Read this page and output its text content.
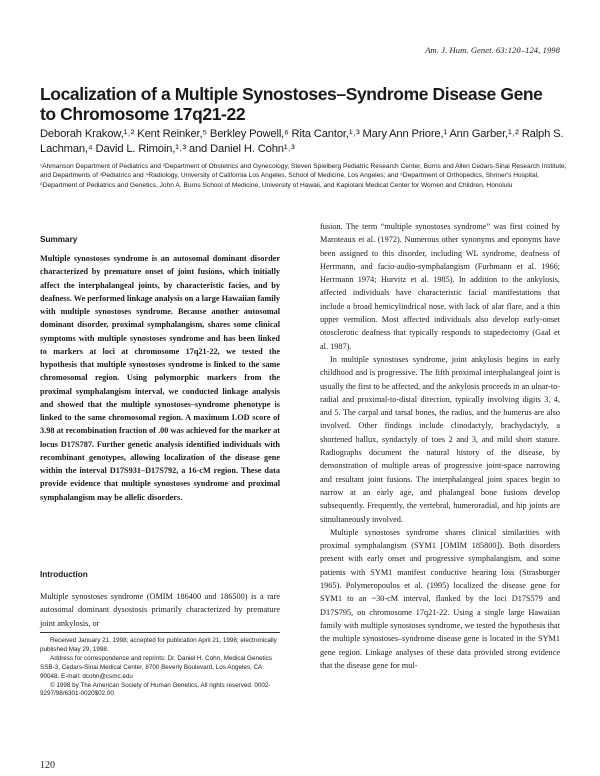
Am. J. Hum. Genet. 63:120–124, 1998
Localization of a Multiple Synostoses–Syndrome Disease Gene to Chromosome 17q21-22
Deborah Krakow,¹˒² Kent Reinker,⁵ Berkley Powell,⁶ Rita Cantor,¹˒³ Mary Ann Priore,¹ Ann Garber,¹˒² Ralph S. Lachman,⁴ David L. Rimoin,¹˒³ and Daniel H. Cohn¹˒³
¹Ahmanson Department of Pediatrics and ²Department of Obstetrics and Gynecology, Steven Spielberg Pediatric Research Center, Burns and Allen Cedars-Sinai Research Institute, and Departments of ³Pediatrics and ⁴Radiology, University of California Los Angeles, School of Medicine, Los Angeles; and ⁵Department of Orthopedics, Shriner's Hospital, ⁶Department of Pediatrics and Genetics, John A. Burns School of Medicine, University of Hawaii, and Kapiolani Medical Center for Women and Children, Honolulu
Summary

Multiple synostoses syndrome is an autosomal dominant disorder characterized by premature onset of joint fusions, which initially affect the interphalangeal joints, by characteristic facies, and by deafness. We performed linkage analysis on a large Hawaiian family with multiple synostoses syndrome. Because another autosomal dominant disorder, proximal symphalangism, shares some clinical symptoms with multiple synostoses syndrome and has been linked to markers at loci at chromosome 17q21-22, we tested the hypothesis that multiple synostoses syndrome is linked to the same chromosomal region. Using polymorphic markers from the proximal symphalangism interval, we conducted linkage analysis and showed that the multiple synostoses–syndrome phenotype is linked to the same chromosomal region. A maximum LOD score of 3.98 at recombination fraction of .00 was achieved for the marker at locus D17S787. Further genetic analysis identified individuals with recombinant genotypes, allowing localization of the disease gene within the interval D17S931–D17S792, a 16-cM region. These data provide evidence that multiple synostoses syndrome and proximal symphalangism may be allelic disorders.

Introduction

Multiple synostoses syndrome (OMIM 186400 and 186500) is a rare autosomal dominant dysostosis primarily characterized by premature joint ankylosis, or

Received January 21, 1998; accepted for publication April 21, 1998; electronically published May 29, 1998.

Address for correspondence and reprints: Dr. Daniel H. Cohn, Medical Genetics SSB-3, Cedars-Sinai Medical Center, 8700 Beverly Boulevard, Los Angeles, CA 90048. E-mail: dcohn@csmc.edu

© 1998 by The American Society of Human Genetics. All rights reserved. 0002-9297/98/6301-0020$02.00

fusion. The term “multiple synostoses syndrome” was first coined by Maroteaux et al. (1972). Numerous other synonyms and eponyms have been assigned to this disorder, including WL syndrome, deafness of Herrmann, and facio-audio-symphalangism (Furhmann et al. 1966; Herrmann 1974; Hurvitz et al. 1985). In addition to the ankylosis, affected individuals have characteristic facial manifestations that include a broad hemicylindrical nose, with lack of alar flare, and a thin upper vermilion. Most affected individuals also develop early-onset otosclerotic deafness that typically responds to stapedectomy (Gaal et al. 1987).

In multiple synostoses syndrome, joint ankylosis begins in early childhood and is progressive. The fifth proximal interphalangeal joint is usually the first to be affected, and the ankylosis proceeds in an ulnar-to-radial and proximal-to-distal direction, typically involving digits 3, 4, and 5. The carpal and tarsal bones, the radius, and the humerus are also involved. Other findings include clinodactyly, brachydactyly, a shortened hallux, syndactyly of toes 2 and 3, and mild short stature. Radiographs document the natural history of the disease, by demonstration of multiple areas of progressive joint-space narrowing and resultant joint fusions. The interphalangeal joint spaces begin to narrow at an early age, and phalangeal bone fusions develop subsequently. Frequently, the vertebral, humeroradial, and hip joints are simultaneously involved.

Multiple synostoses syndrome shares clinical similarities with proximal symphalangism (SYM1 [OMIM 185800]). Both disorders present with early onset and progressive symphalangism, and some patients with SYM1 manifest conductive hearing loss (Strasburger 1965). Polymeropoulos et al. (1995) localized the disease gene for SYM1 to an ~30-cM interval, flanked by the loci D17S579 and D17S795, on chromosome 17q21-22. Using a single large Hawaiian family with multiple synostoses syndrome, we tested the hypothesis that the multiple synostoses–syndrome disease gene is located in the SYM1 gene region. Linkage analyses of these data provided strong evidence that the disease gene for mul-

120
